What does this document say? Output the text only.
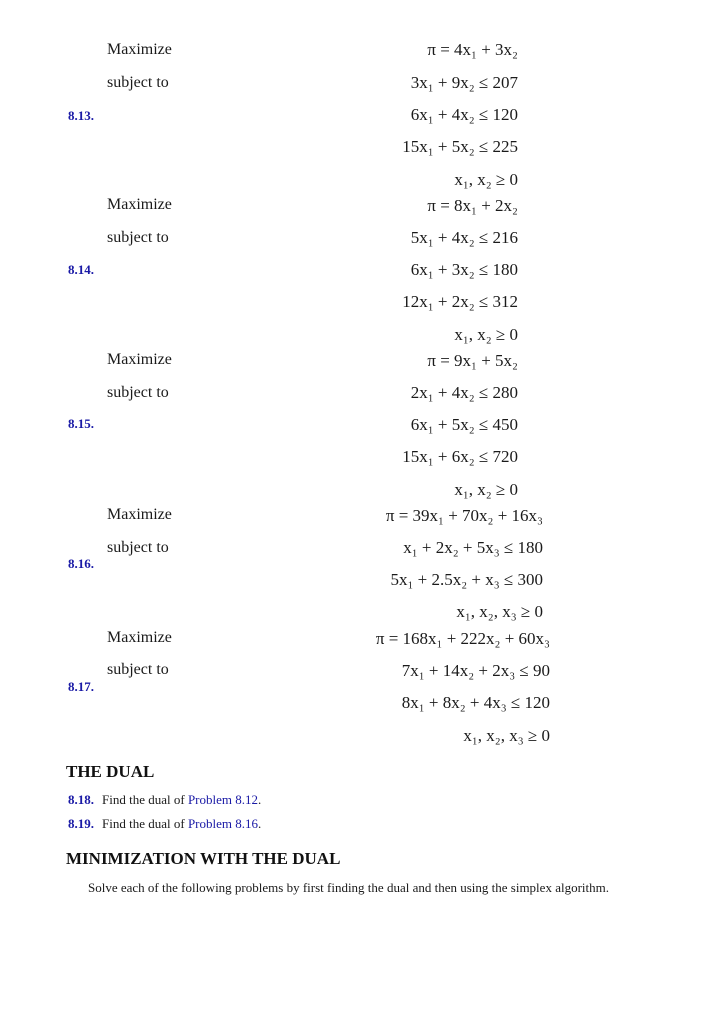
Maximize
subject to
8.13.
π = 4x₁ + 3x₂
3x₁ + 9x₂ ≤ 207
6x₁ + 4x₂ ≤ 120
15x₁ + 5x₂ ≤ 225
x₁, x₂ ≥ 0
Maximize
subject to
8.14.
π = 8x₁ + 2x₂
5x₁ + 4x₂ ≤ 216
6x₁ + 3x₂ ≤ 180
12x₁ + 2x₂ ≤ 312
x₁, x₂ ≥ 0
Maximize
subject to
8.15.
π = 9x₁ + 5x₂
2x₁ + 4x₂ ≤ 280
6x₁ + 5x₂ ≤ 450
15x₁ + 6x₂ ≤ 720
x₁, x₂ ≥ 0
Maximize
subject to
8.16.
π = 39x₁ + 70x₂ + 16x₃
x₁ + 2x₂ + 5x₃ ≤ 180
5x₁ + 2.5x₂ + x₃ ≤ 300
x₁, x₂, x₃ ≥ 0
Maximize
subject to
8.17.
π = 168x₁ + 222x₂ + 60x₃
7x₁ + 14x₂ + 2x₃ ≤ 90
8x₁ + 8x₂ + 4x₃ ≤ 120
x₁, x₂, x₃ ≥ 0
THE DUAL
8.18. Find the dual of Problem 8.12.
8.19. Find the dual of Problem 8.16.
MINIMIZATION WITH THE DUAL
Solve each of the following problems by first finding the dual and then using the simplex algorithm.
